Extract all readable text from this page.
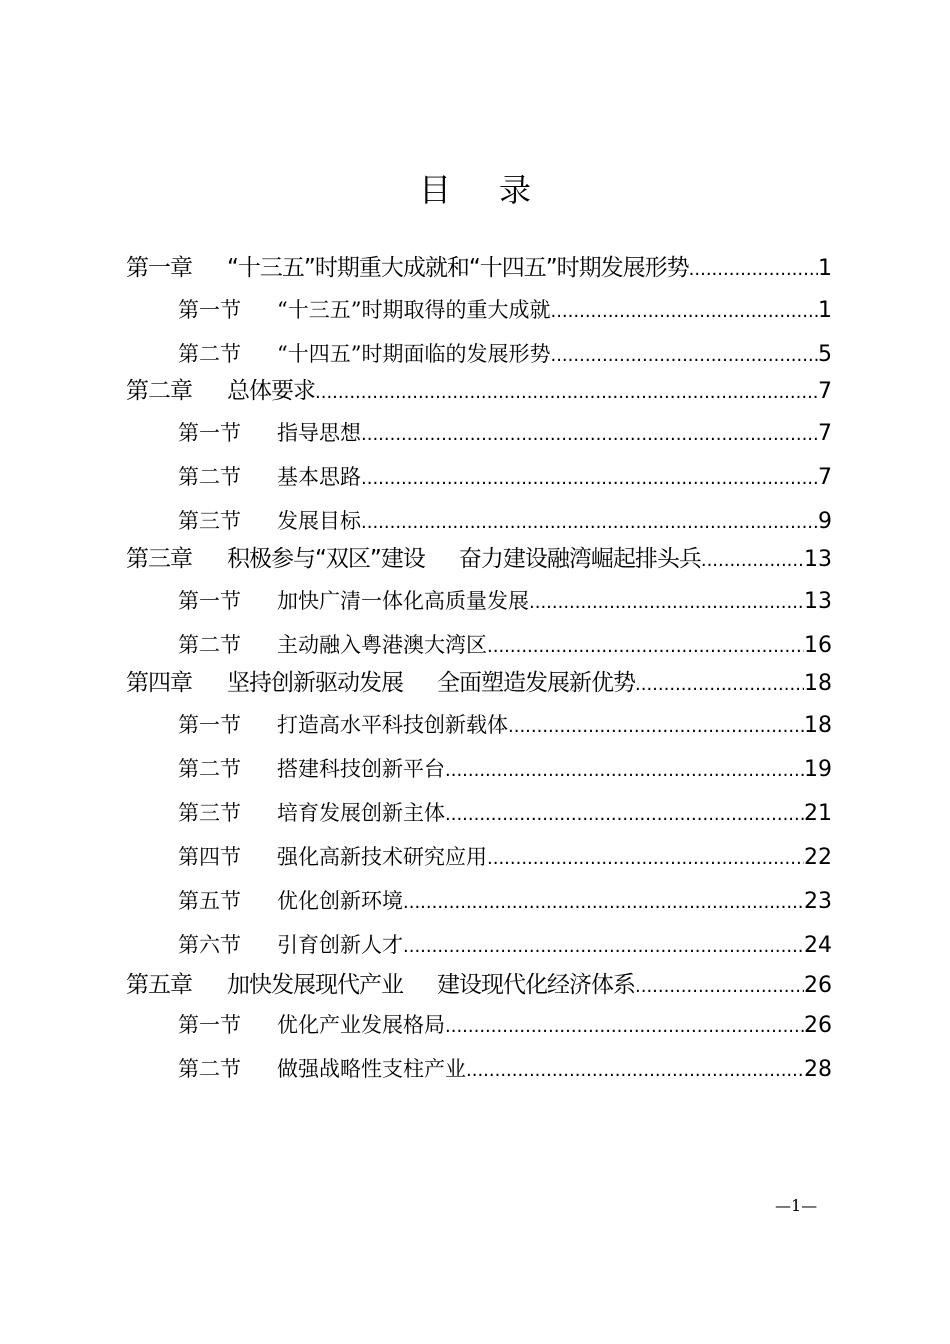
目 录
第一章	“十三五”时期重大成就和“十四五”时期发展形势 .....	1
第一节	“十三五”时期取得的重大成就 .....	1
第二节	“十四五”时期面临的发展形势 .....	5
第二章	总体要求 .....	7
第一节	指导思想 .....	7
第二节	基本思路 .....	7
第三节	发展目标 .....	9
第三章	积极参与“双区”建设 奋力建设融湾崛起排头兵 .....	13
第一节	加快广清一体化高质量发展 .....	13
第二节	主动融入粤港澳大湾区 .....	16
第四章	坚持创新驱动发展 全面塑造发展新优势 .....	18
第一节	打造高水平科技创新载体 .....	18
第二节	搭建科技创新平台 .....	19
第三节	培育发展创新主体 .....	21
第四节	强化高新技术研究应用 .....	22
第五节	优化创新环境 .....	23
第六节	引育创新人才 .....	24
第五章	加快发展现代产业 建设现代化经济体系 .....	26
第一节	优化产业发展格局 .....	26
第二节	做强战略性支柱产业 .....	28
—1—
